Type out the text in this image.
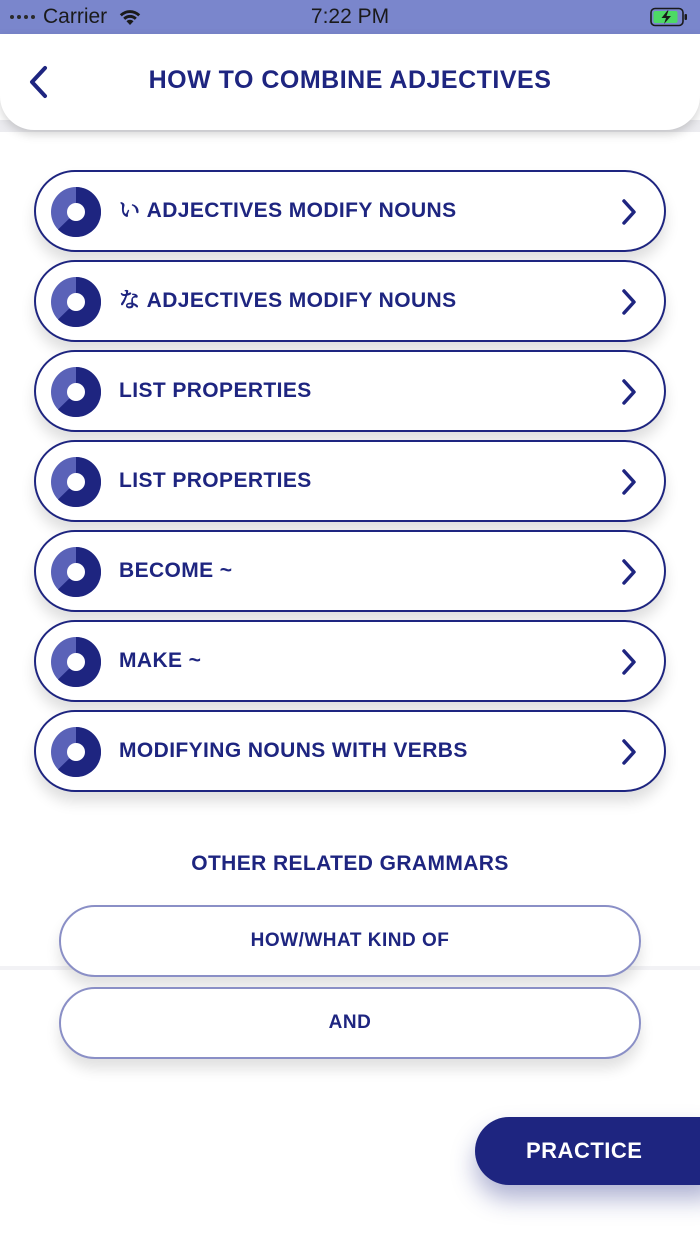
Carrier	7:22 PM
HOW TO COMBINE ADJECTIVES
い ADJECTIVES MODIFY NOUNS
な ADJECTIVES MODIFY NOUNS
LIST PROPERTIES
LIST PROPERTIES
BECOME ~
MAKE ~
MODIFYING NOUNS WITH VERBS
OTHER RELATED GRAMMARS
HOW/WHAT KIND OF
AND
PRACTICE
